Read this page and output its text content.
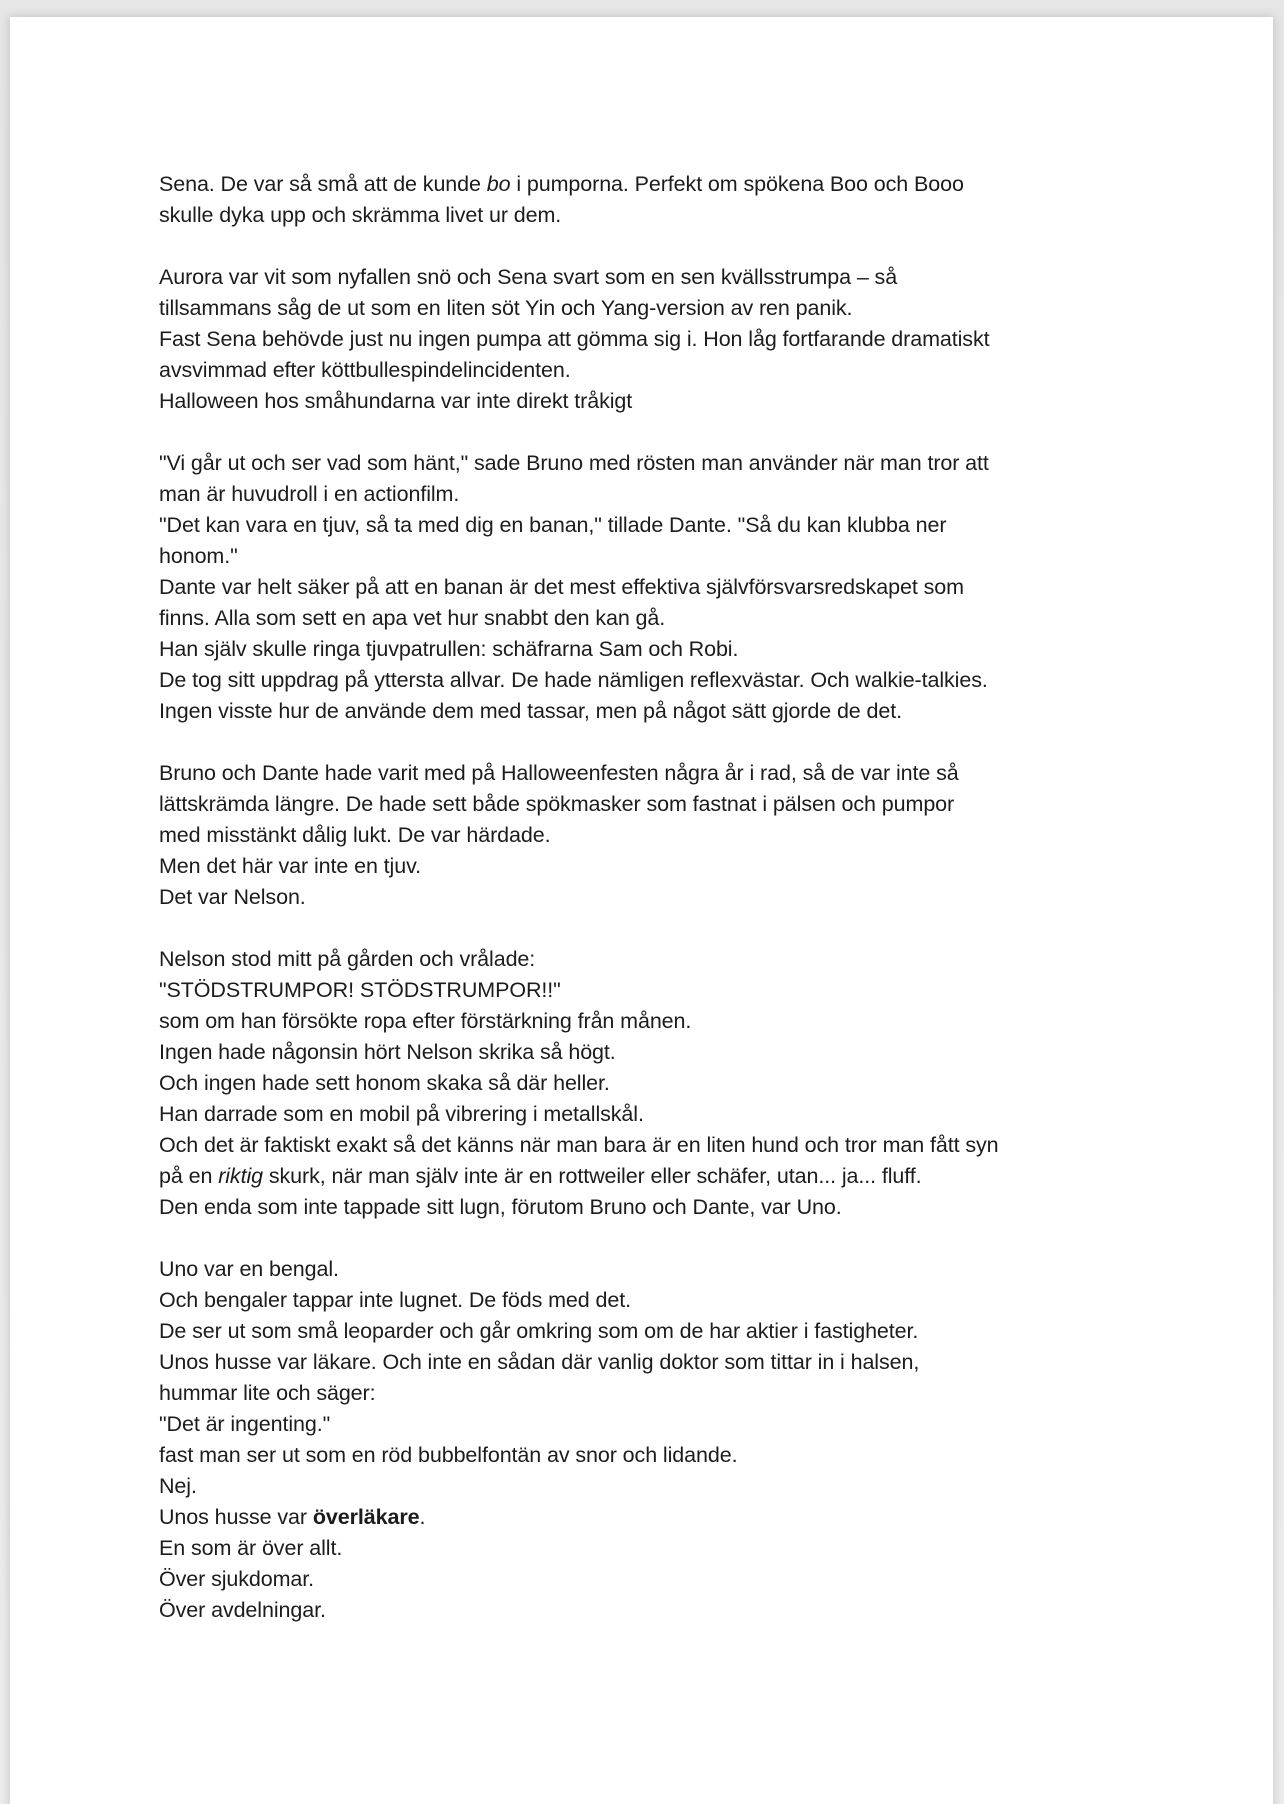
Sena. De var så små att de kunde bo i pumporna. Perfekt om spökena Boo och Booo
skulle dyka upp och skrämma livet ur dem.
Aurora var vit som nyfallen snö och Sena svart som en sen kvällsstrumpa – så
tillsammans såg de ut som en liten söt Yin och Yang-version av ren panik.
Fast Sena behövde just nu ingen pumpa att gömma sig i. Hon låg fortfarande dramatiskt
avsvimmad efter köttbullespindelincidenten.
Halloween hos småhundarna var inte direkt tråkigt
"Vi går ut och ser vad som hänt," sade Bruno med rösten man använder när man tror att
man är huvudroll i en actionfilm.
"Det kan vara en tjuv, så ta med dig en banan," tillade Dante. "Så du kan klubba ner
honom."
Dante var helt säker på att en banan är det mest effektiva självförsvarsredskapet som
finns. Alla som sett en apa vet hur snabbt den kan gå.
Han själv skulle ringa tjuvpatrullen: schäfrarna Sam och Robi.
De tog sitt uppdrag på yttersta allvar. De hade nämligen reflexvästar. Och walkie-talkies.
Ingen visste hur de använde dem med tassar, men på något sätt gjorde de det.
Bruno och Dante hade varit med på Halloweenfesten några år i rad, så de var inte så
lättskrämda längre. De hade sett både spökmasker som fastnat i pälsen och pumpor
med misstänkt dålig lukt. De var härdade.
Men det här var inte en tjuv.
Det var Nelson.
Nelson stod mitt på gården och vrålade:
"STÖDSTRUMPOR! STÖDSTRUMPOR!!"
som om han försökte ropa efter förstärkning från månen.
Ingen hade någonsin hört Nelson skrika så högt.
Och ingen hade sett honom skaka så där heller.
Han darrade som en mobil på vibrering i metallskål.
Och det är faktiskt exakt så det känns när man bara är en liten hund och tror man fått syn
på en riktig skurk, när man själv inte är en rottweiler eller schäfer, utan... ja... fluff.
Den enda som inte tappade sitt lugn, förutom Bruno och Dante, var Uno.
Uno var en bengal.
Och bengaler tappar inte lugnet. De föds med det.
De ser ut som små leoparder och går omkring som om de har aktier i fastigheter.
Unos husse var läkare. Och inte en sådan där vanlig doktor som tittar in i halsen,
hummar lite och säger:
"Det är ingenting."
fast man ser ut som en röd bubbelfontän av snor och lidande.
Nej.
Unos husse var överläkare.
En som är över allt.
Över sjukdomar.
Över avdelningar.
